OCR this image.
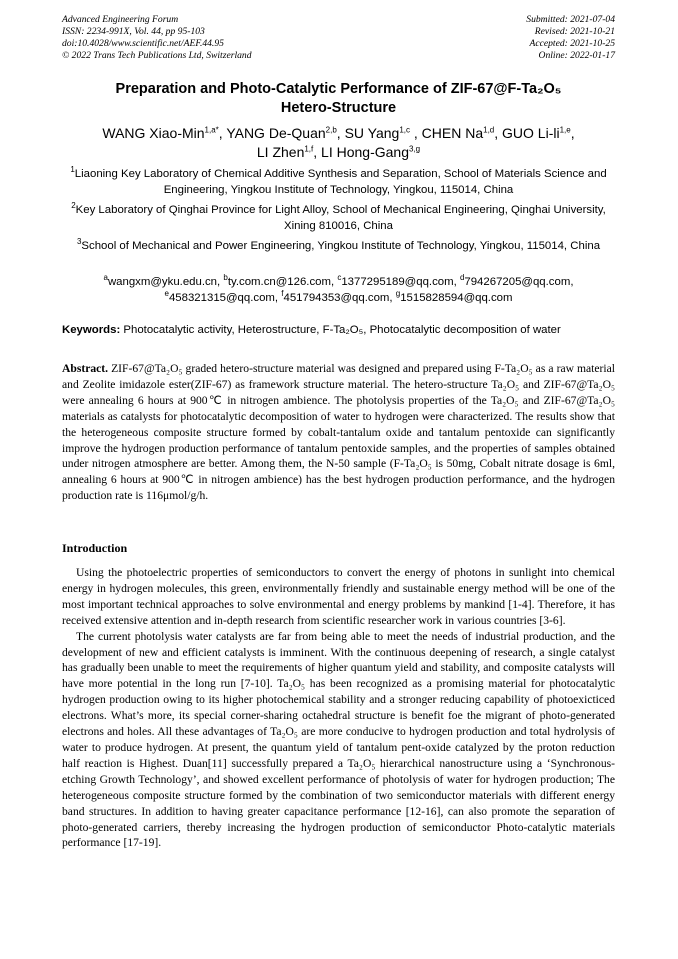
Advanced Engineering Forum
ISSN: 2234-991X, Vol. 44, pp 95-103
doi:10.4028/www.scientific.net/AEF.44.95
© 2022 Trans Tech Publications Ltd, Switzerland
Submitted: 2021-07-04
Revised: 2021-10-21
Accepted: 2021-10-25
Online: 2022-01-17
Preparation and Photo-Catalytic Performance of ZIF-67@F-Ta₂O₅
Hetero-Structure
WANG Xiao-Min$^{1,a*}$, YANG De-Quan$^{2,b}$, SU Yang$^{1,c}$ , CHEN Na$^{1,d}$, GUO Li-li$^{1,e}$,
LI Zhen$^{1,f}$, LI Hong-Gang$^{3,g}$
$^1$Liaoning Key Laboratory of Chemical Additive Synthesis and Separation, School of Materials Science and Engineering, Yingkou Institute of Technology, Yingkou, 115014, China
$^2$Key Laboratory of Qinghai Province for Light Alloy, School of Mechanical Engineering, Qinghai University, Xining 810016, China
$^3$School of Mechanical and Power Engineering, Yingkou Institute of Technology, Yingkou, 115014, China
$^a$wangxm@yku.edu.cn, $^b$ty.com.cn@126.com, $^c$1377295189@qq.com, $^d$794267205@qq.com,
$^e$458321315@qq.com, $^f$451794353@qq.com, $^g$1515828594@qq.com
Keywords: Photocatalytic activity, Heterostructure, F-Ta₂O₅, Photocatalytic decomposition of water
Abstract. ZIF-67@Ta₂O₅ graded hetero-structure material was designed and prepared using F-Ta₂O₅ as a raw material and Zeolite imidazole ester(ZIF-67) as framework structure material. The hetero-structure Ta₂O₅ and ZIF-67@Ta₂O₅ were annealing 6 hours at 900℃ in nitrogen ambience. The photolysis properties of the Ta₂O₅ and ZIF-67@Ta₂O₅ materials as catalysts for photocatalytic decomposition of water to hydrogen were characterized. The results show that the heterogeneous composite structure formed by cobalt-tantalum oxide and tantalum pentoxide can significantly improve the hydrogen production performance of tantalum pentoxide samples, and the properties of samples obtained under nitrogen atmosphere are better. Among them, the N-50 sample (F-Ta₂O₅ is 50mg, Cobalt nitrate dosage is 6ml, annealing 6 hours at 900℃ in nitrogen ambience) has the best hydrogen production performance, and the hydrogen production rate is 116μmol/g/h.
Introduction

Using the photoelectric properties of semiconductors to convert the energy of photons in sunlight into chemical energy in hydrogen molecules, this green, environmentally friendly and sustainable energy method will be one of the most important technical approaches to solve environmental and energy problems by mankind [1-4]. Therefore, it has received extensive attention and in-depth research from scientific researcher work in various countries [3-6].

The current photolysis water catalysts are far from being able to meet the needs of industrial production, and the development of new and efficient catalysts is imminent. With the continuous deepening of research, a single catalyst has gradually been unable to meet the requirements of higher quantum yield and stability, and composite catalysts will have more potential in the long run [7-10]. Ta₂O₅ has been recognized as a promising material for photocatalytic hydrogen production owing to its higher photochemical stability and a stronger reducing capability of photoexicticed electrons. What’s more, its special corner-sharing octahedral structure is benefit foe the migrant of photo-generated electrons and holes. All these advantages of Ta₂O₅ are more conducive to hydrogen production and total hydrolysis of water to produce hydrogen. At present, the quantum yield of tantalum pent-oxide catalyzed by the proton reduction half reaction is Highest. Duan[11] successfully prepared a Ta₂O₅ hierarchical nanostructure using a ‘Synchronous-etching Growth Technology’, and showed excellent performance of photolysis of water for hydrogen production; The heterogeneous composite structure formed by the combination of two semiconductor materials with different energy band structures. In addition to having greater capacitance performance [12-16], can also promote the separation of photo-generated carriers, thereby increasing the hydrogen production of semiconductor Photo-catalytic materials performance [17-19].
